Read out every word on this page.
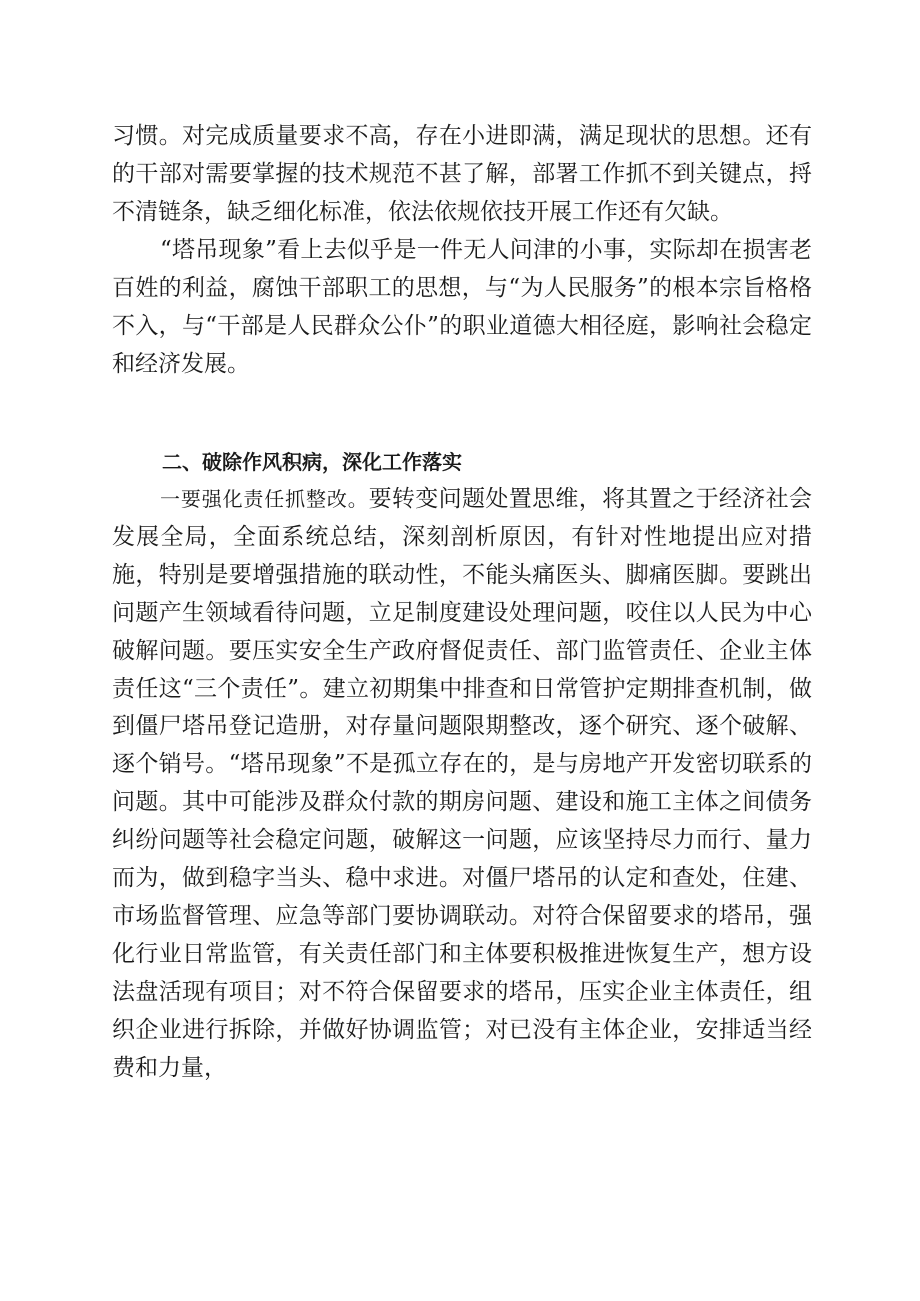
习惯。对完成质量要求不高，存在小进即满，满足现状的思想。还有的干部对需要掌握的技术规范不甚了解，部署工作抓不到关键点，捋不清链条，缺乏细化标准，依法依规依技开展工作还有欠缺。

“塔吊现象”看上去似乎是一件无人问津的小事，实际却在损害老百姓的利益，腐蚀干部职工的思想，与“为人民服务”的根本宗旨格格不入，与“干部是人民群众公仆”的职业道德大相径庭，影响社会稳定和经济发展。

二、破除作风积病，深化工作落实

一要强化责任抓整改。要转变问题处置思维，将其置之于经济社会发展全局，全面系统总结，深刻剖析原因，有针对性地提出应对措施，特别是要增强措施的联动性，不能头痛医头、脚痛医脚。要跳出问题产生领域看待问题，立足制度建设处理问题，咬住以人民为中心破解问题。要压实安全生产政府督促责任、部门监管责任、企业主体责任这“三个责任”。建立初期集中排查和日常管护定期排查机制，做到僵尸塔吊登记造册，对存量问题限期整改，逐个研究、逐个破解、逐个销号。“塔吊现象”不是孤立存在的，是与房地产开发密切联系的问题。其中可能涉及群众付款的期房问题、建设和施工主体之间债务纠纷问题等社会稳定问题，破解这一问题，应该坚持尽力而行、量力而为，做到稳字当头、稳中求进。对僵尸塔吊的认定和查处，住建、市场监督管理、应急等部门要协调联动。对符合保留要求的塔吊，强化行业日常监管，有关责任部门和主体要积极推进恢复生产，想方设法盘活现有项目；对不符合保留要求的塔吊，压实企业主体责任，组织企业进行拆除，并做好协调监管；对已没有主体企业，安排适当经费和力量，
